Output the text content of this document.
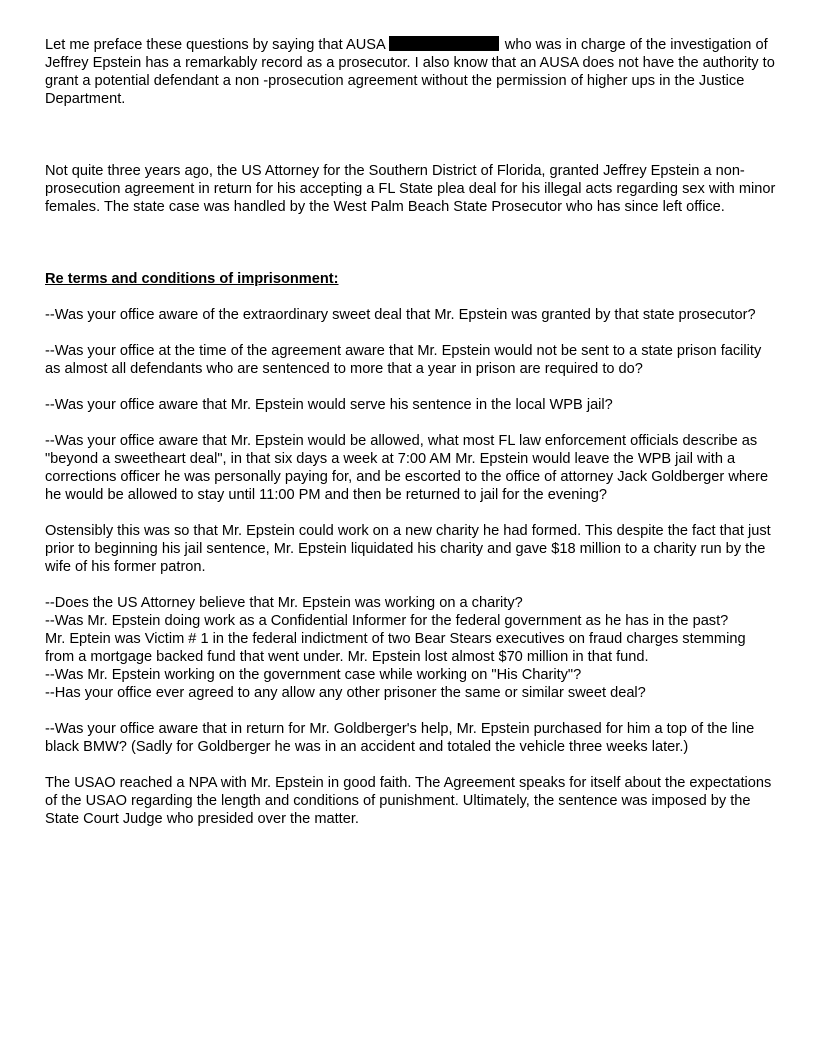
Let me preface these questions by saying that AUSA	who was in charge of the investigation of Jeffrey Epstein has a remarkably record as a prosecutor. I also know that an AUSA does not have the authority to grant a potential defendant a non -prosecution agreement without the permission of higher ups in the Justice Department.

Not quite three years ago, the US Attorney for the Southern District of Florida, granted Jeffrey Epstein a non-prosecution agreement in return for his accepting a FL State plea deal for his illegal acts regarding sex with minor females. The state case was handled by the West Palm Beach State Prosecutor who has since left office.

Re terms and conditions of imprisonment:

--Was your office aware of the extraordinary sweet deal that Mr. Epstein was granted by that state prosecutor?

--Was your office at the time of the agreement aware that Mr. Epstein would not be sent to a state prison facility as almost all defendants who are sentenced to more that a year in prison are required to do?

--Was your office aware that Mr. Epstein would serve his sentence in the local WPB jail?

--Was your office aware that Mr. Epstein would be allowed, what most FL law enforcement officials describe as "beyond a sweetheart deal", in that six days a week at 7:00 AM Mr. Epstein would leave the WPB jail with a corrections officer he was personally paying for, and be escorted to the office of attorney Jack Goldberger where he would be allowed to stay until 11:00 PM and then be returned to jail for the evening?

Ostensibly this was so that Mr. Epstein could work on a new charity he had formed. This despite the fact that just prior to beginning his jail sentence, Mr. Epstein liquidated his charity and gave $18 million to a charity run by the wife of his former patron.

--Does the US Attorney believe that Mr. Epstein was working on a charity?
--Was Mr. Epstein doing work as a Confidential Informer for the federal government as he has in the past?
Mr. Eptein was Victim # 1 in the federal indictment of two Bear Stears executives on fraud charges stemming from a mortgage backed fund that went under. Mr. Epstein lost almost $70 million in that fund.
--Was Mr. Epstein working on the government case while working on "His Charity"?
--Has your office ever agreed to any allow any other prisoner the same or similar sweet deal?

--Was your office aware that in return for Mr. Goldberger's help, Mr. Epstein purchased for him a top of the line black BMW? (Sadly for Goldberger he was in an accident and totaled the vehicle three weeks later.)

The USAO reached a NPA with Mr. Epstein in good faith. The Agreement speaks for itself about the expectations of the USAO regarding the length and conditions of punishment. Ultimately, the sentence was imposed by the State Court Judge who presided over the matter.
